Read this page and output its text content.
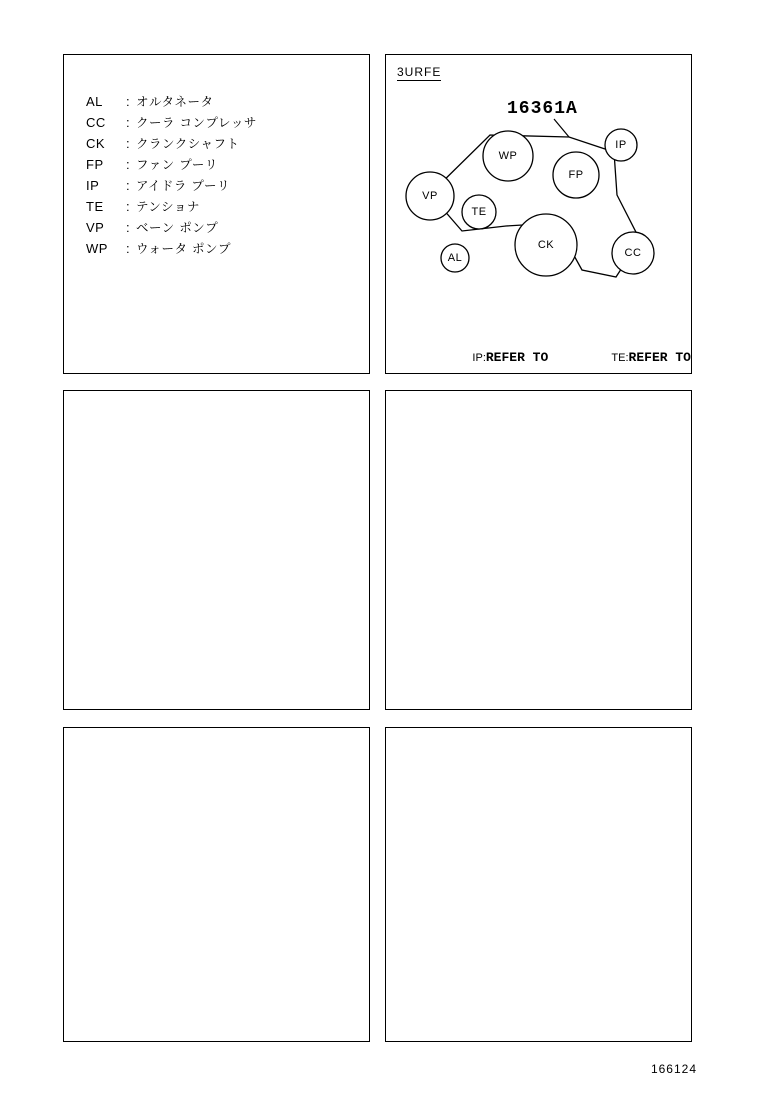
AL	: オルタネータ
CC	: クーラ コンプレッサ
CK	: クランクシャフト
FP	: ファン プーリ
IP	: アイドラ プーリ
TE	: テンショナ
VP	: ベーン ポンプ
WP	: ウォータ ポンプ
3URFE
16361A
WP
IP
FP
VP
TE
CK
AL	CC

IP:REFER TO

	TE:REFER TO

166124
